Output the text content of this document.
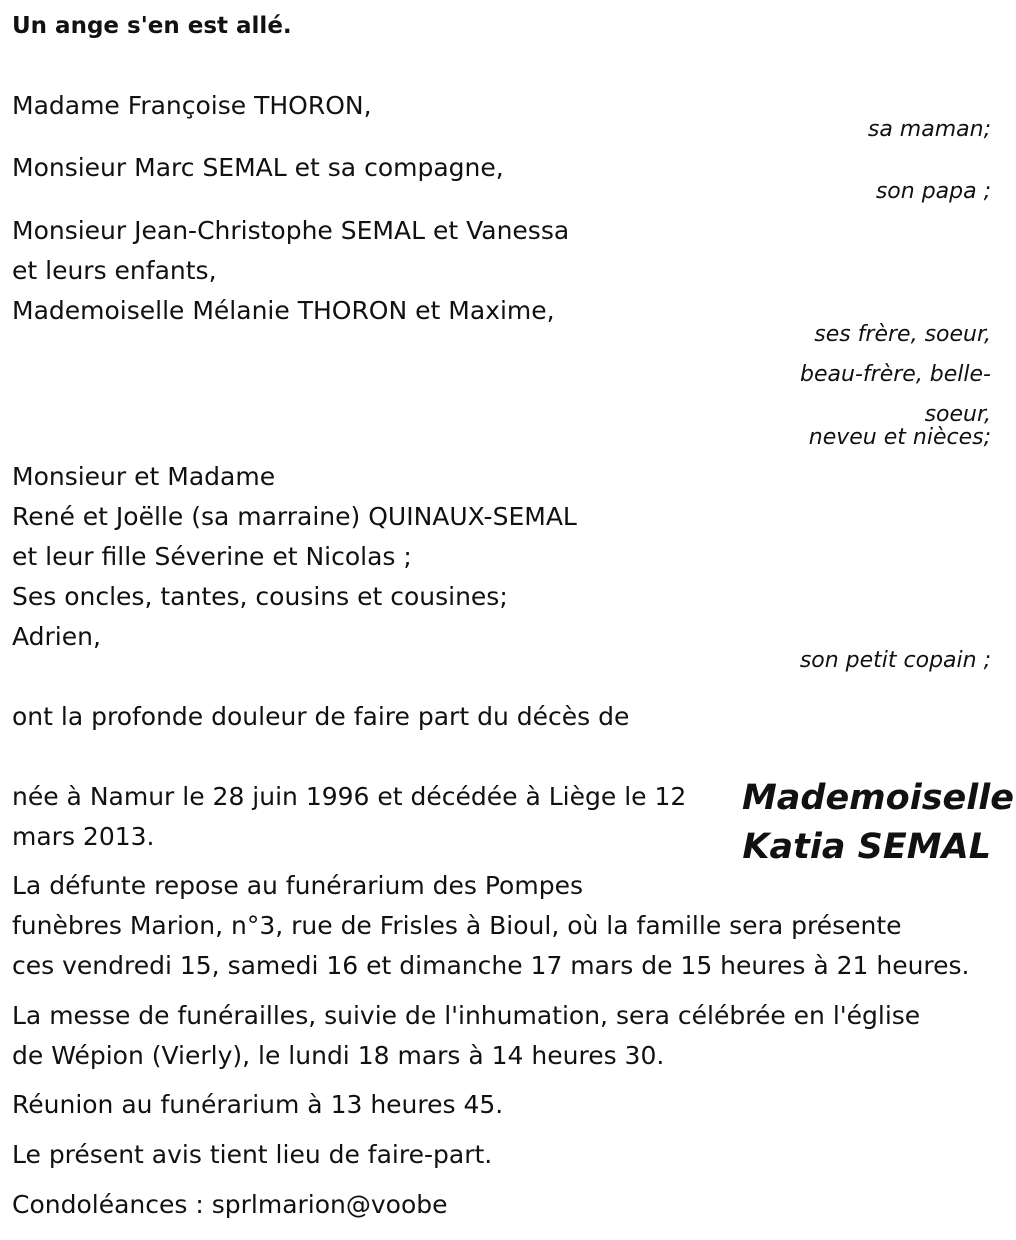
Un ange s'en est allé.

Madame Françoise THORON,

sa maman;

Monsieur Marc SEMAL et sa compagne,

son papa ;

Monsieur Jean-Christophe SEMAL et Vanessa

et leurs enfants,

Mademoiselle Mélanie THORON et Maxime,

ses frère, soeur,

beau-frère, belle-

soeur,

neveu et nièces;

Monsieur et Madame

René et Joëlle (sa marraine) QUINAUX-SEMAL

et leur fille Séverine et Nicolas ;

Ses oncles, tantes, cousins et cousines;

Adrien,

son petit copain ;

ont la profonde douleur de faire part du décès de

Mademoiselle

Katia SEMAL

née à Namur le 28 juin 1996 et décédée à Liège le 12

mars 2013.

La défunte repose au funérarium des Pompes

funèbres Marion, n°3, rue de Frisles à Bioul, où la famille sera présente

ces vendredi 15, samedi 16 et dimanche 17 mars de 15 heures à 21 heures.

La messe de funérailles, suivie de l'inhumation, sera célébrée en l'église

de Wépion (Vierly), le lundi 18 mars à 14 heures 30.

Réunion au funérarium à 13 heures 45.

Le présent avis tient lieu de faire-part.

Condoléances : sprlmarion@voobe
